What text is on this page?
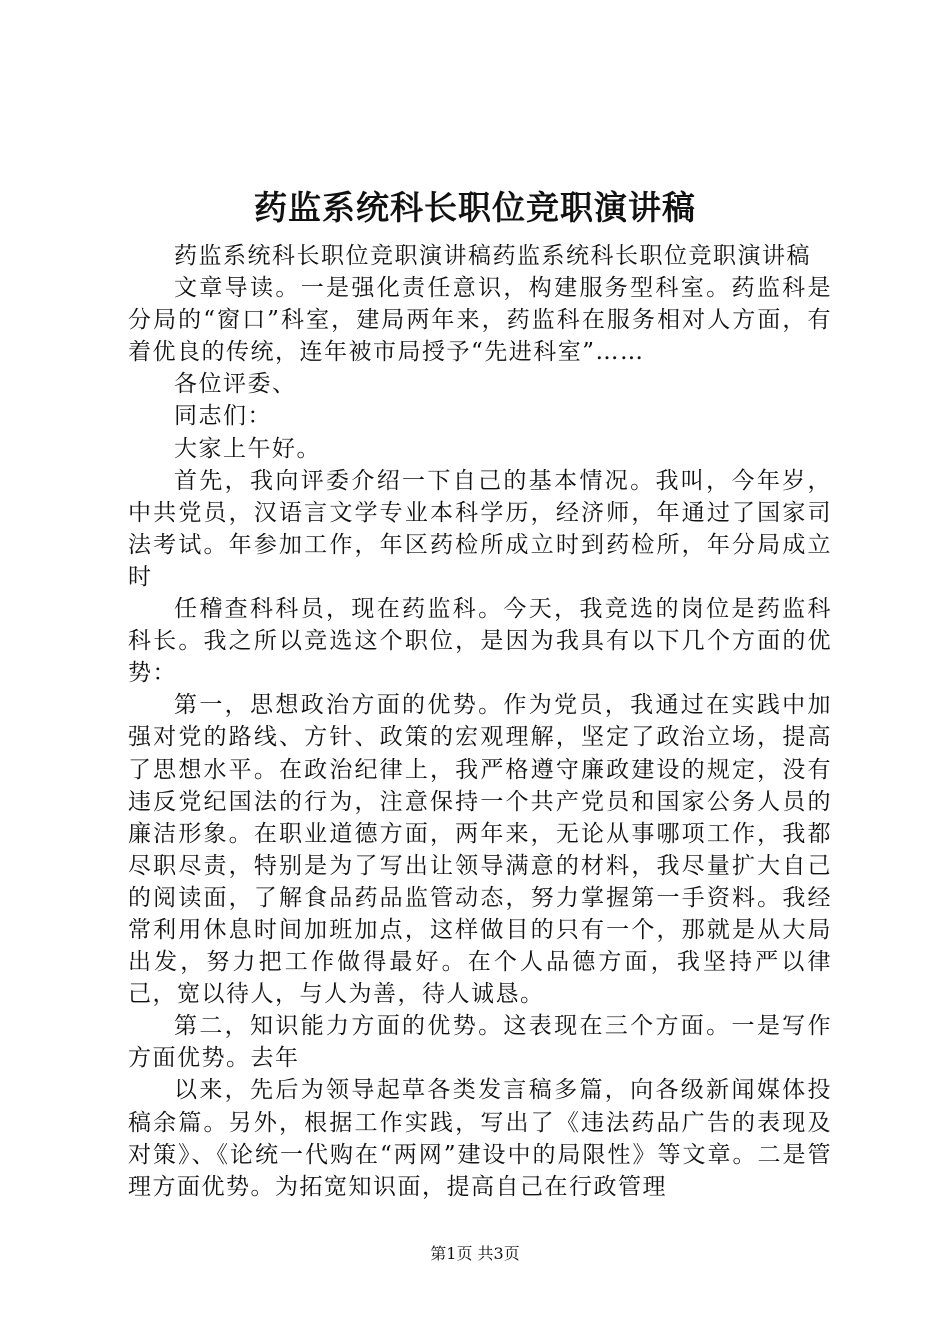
药监系统科长职位竞职演讲稿

药监系统科长职位竞职演讲稿药监系统科长职位竞职演讲稿

文章导读。一是强化责任意识，构建服务型科室。药监科是分局的“窗口”科室，建局两年来，药监科在服务相对人方面，有着优良的传统，连年被市局授予“先进科室”……

各位评委、

同志们：

大家上午好。

首先，我向评委介绍一下自己的基本情况。我叫，今年岁，中共党员，汉语言文学专业本科学历，经济师，年通过了国家司法考试。年参加工作，年区药检所成立时到药检所，年分局成立时

任稽查科科员，现在药监科。今天，我竞选的岗位是药监科科长。我之所以竞选这个职位，是因为我具有以下几个方面的优势：

第一，思想政治方面的优势。作为党员，我通过在实践中加强对党的路线、方针、政策的宏观理解，坚定了政治立场，提高了思想水平。在政治纪律上，我严格遵守廉政建设的规定，没有违反党纪国法的行为，注意保持一个共产党员和国家公务人员的廉洁形象。在职业道德方面，两年来，无论从事哪项工作，我都尽职尽责，特别是为了写出让领导满意的材料，我尽量扩大自己的阅读面，了解食品药品监管动态，努力掌握第一手资料。我经常利用休息时间加班加点，这样做目的只有一个，那就是从大局出发，努力把工作做得最好。在个人品德方面，我坚持严以律己，宽以待人，与人为善，待人诚恳。

第二，知识能力方面的优势。这表现在三个方面。一是写作方面优势。去年

以来，先后为领导起草各类发言稿多篇，向各级新闻媒体投稿余篇。另外，根据工作实践，写出了《违法药品广告的表现及对策》、《论统一代购在“两网”建设中的局限性》等文章。二是管理方面优势。为拓宽知识面，提高自己在行政管理

第1页 共3页
